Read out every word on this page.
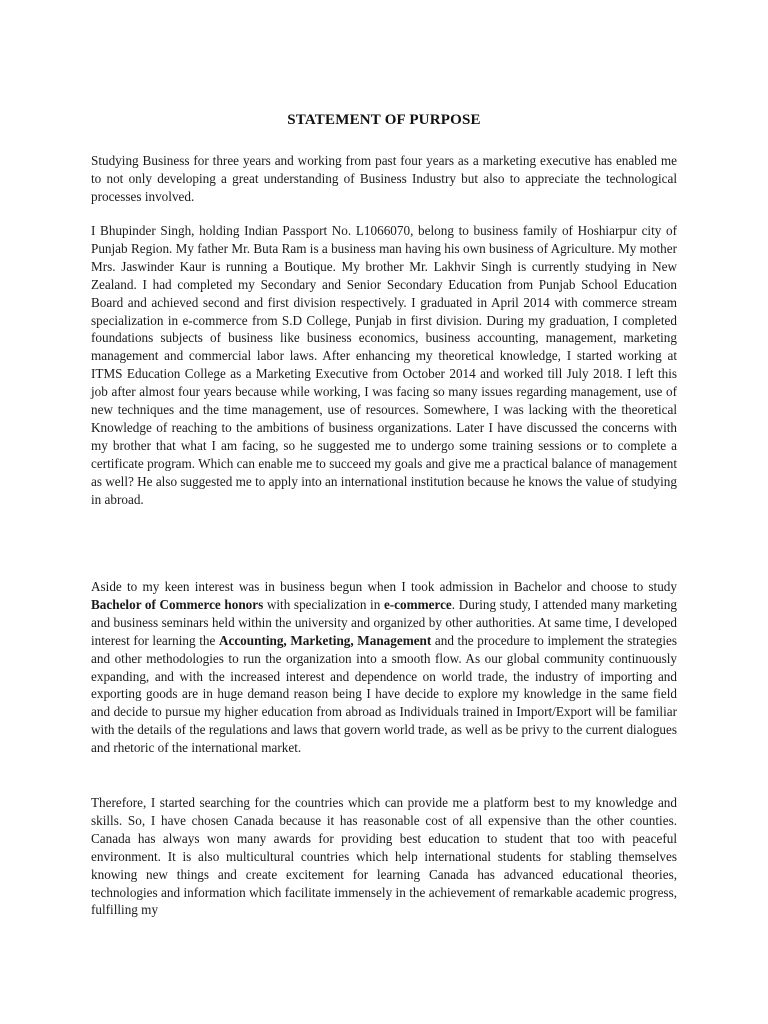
STATEMENT OF PURPOSE
Studying Business for three years and working from past four years as a marketing executive has enabled me to not only developing a great understanding of Business Industry but also to appreciate the technological processes involved.
I Bhupinder Singh, holding Indian Passport No. L1066070, belong to business family of Hoshiarpur city of Punjab Region. My father Mr. Buta Ram is a business man having his own business of Agriculture. My mother Mrs. Jaswinder Kaur is running a Boutique. My brother Mr. Lakhvir Singh is currently studying in New Zealand. I had completed my Secondary and Senior Secondary Education from Punjab School Education Board and achieved second and first division respectively. I graduated in April 2014 with commerce stream specialization in e-commerce from S.D College, Punjab in first division. During my graduation, I completed foundations subjects of business like business economics, business accounting, management, marketing management and commercial labor laws. After enhancing my theoretical knowledge, I started working at ITMS Education College as a Marketing Executive from October 2014 and worked till July 2018. I left this job after almost four years because while working, I was facing so many issues regarding management, use of new techniques and the time management, use of resources. Somewhere, I was lacking with the theoretical Knowledge of reaching to the ambitions of business organizations. Later I have discussed the concerns with my brother that what I am facing, so he suggested me to undergo some training sessions or to complete a certificate program. Which can enable me to succeed my goals and give me a practical balance of management as well? He also suggested me to apply into an international institution because he knows the value of studying in abroad.
Aside to my keen interest was in business begun when I took admission in Bachelor and choose to study Bachelor of Commerce honors with specialization in e-commerce. During study, I attended many marketing and business seminars held within the university and organized by other authorities. At same time, I developed interest for learning the Accounting, Marketing, Management and the procedure to implement the strategies and other methodologies to run the organization into a smooth flow. As our global community continuously expanding, and with the increased interest and dependence on world trade, the industry of importing and exporting goods are in huge demand reason being I have decide to explore my knowledge in the same field and decide to pursue my higher education from abroad as Individuals trained in Import/Export will be familiar with the details of the regulations and laws that govern world trade, as well as be privy to the current dialogues and rhetoric of the international market.
Therefore, I started searching for the countries which can provide me a platform best to my knowledge and skills. So, I have chosen Canada because it has reasonable cost of all expensive than the other counties. Canada has always won many awards for providing best education to student that too with peaceful environment. It is also multicultural countries which help international students for stabling themselves knowing new things and create excitement for learning Canada has advanced educational theories, technologies and information which facilitate immensely in the achievement of remarkable academic progress, fulfilling my
